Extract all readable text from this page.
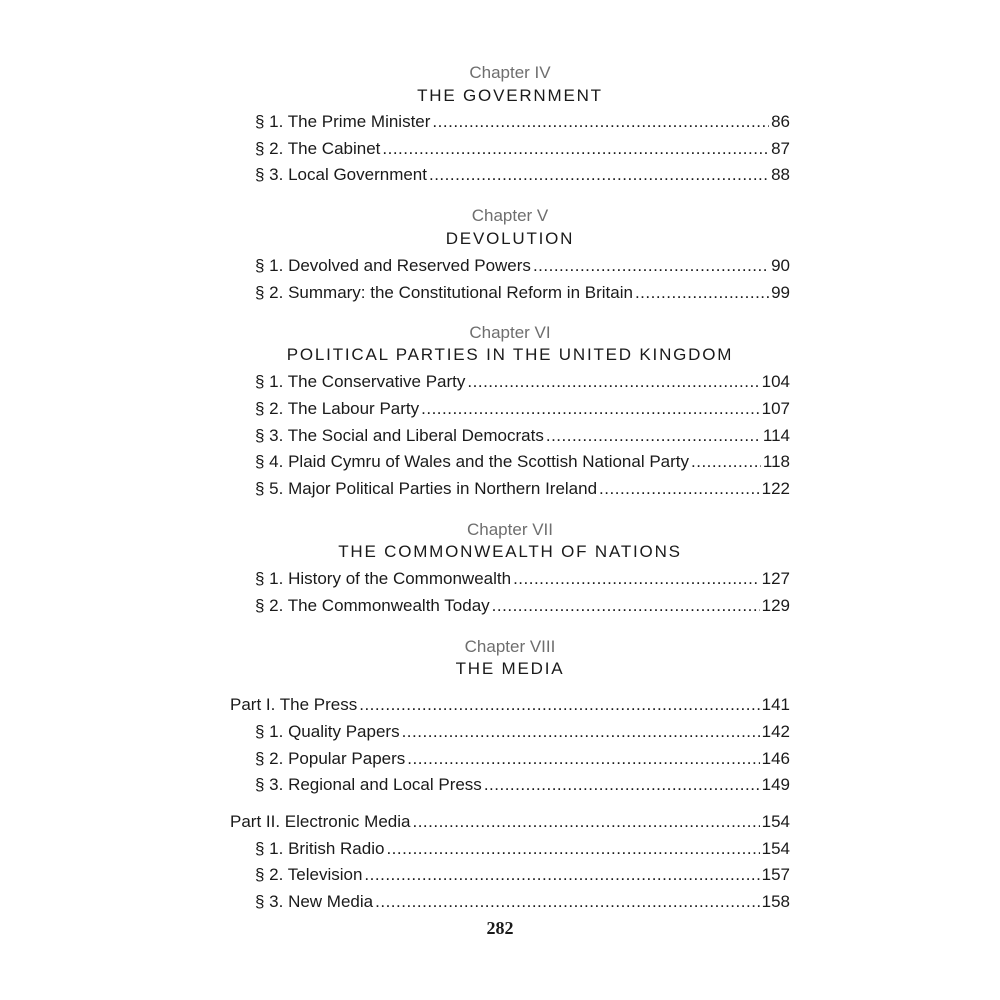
Chapter IV
THE GOVERNMENT
§ 1. The Prime Minister .....	86
§ 2. The Cabinet .....	87
§ 3. Local Government .....	88
Chapter V
DEVOLUTION
§ 1. Devolved and Reserved Powers .....	90
§ 2. Summary: the Constitutional Reform in Britain .....	99
Chapter VI
POLITICAL PARTIES IN THE UNITED KINGDOM
§ 1. The Conservative Party .....	104
§ 2. The Labour Party .....	107
§ 3. The Social and Liberal Democrats .....	114
§ 4. Plaid Cymru of Wales and the Scottish National Party .....	118
§ 5. Major Political Parties in Northern Ireland .....	122
Chapter VII
THE COMMONWEALTH OF NATIONS
§ 1. History of the Commonwealth .....	127
§ 2. The Commonwealth Today .....	129
Chapter VIII
THE MEDIA
Part I. The Press .....	141
§ 1. Quality Papers .....	142
§ 2. Popular Papers .....	146
§ 3. Regional and Local Press .....	149
Part II. Electronic Media .....	154
§ 1. British Radio .....	154
§ 2. Television .....	157
§ 3. New Media .....	158
282
